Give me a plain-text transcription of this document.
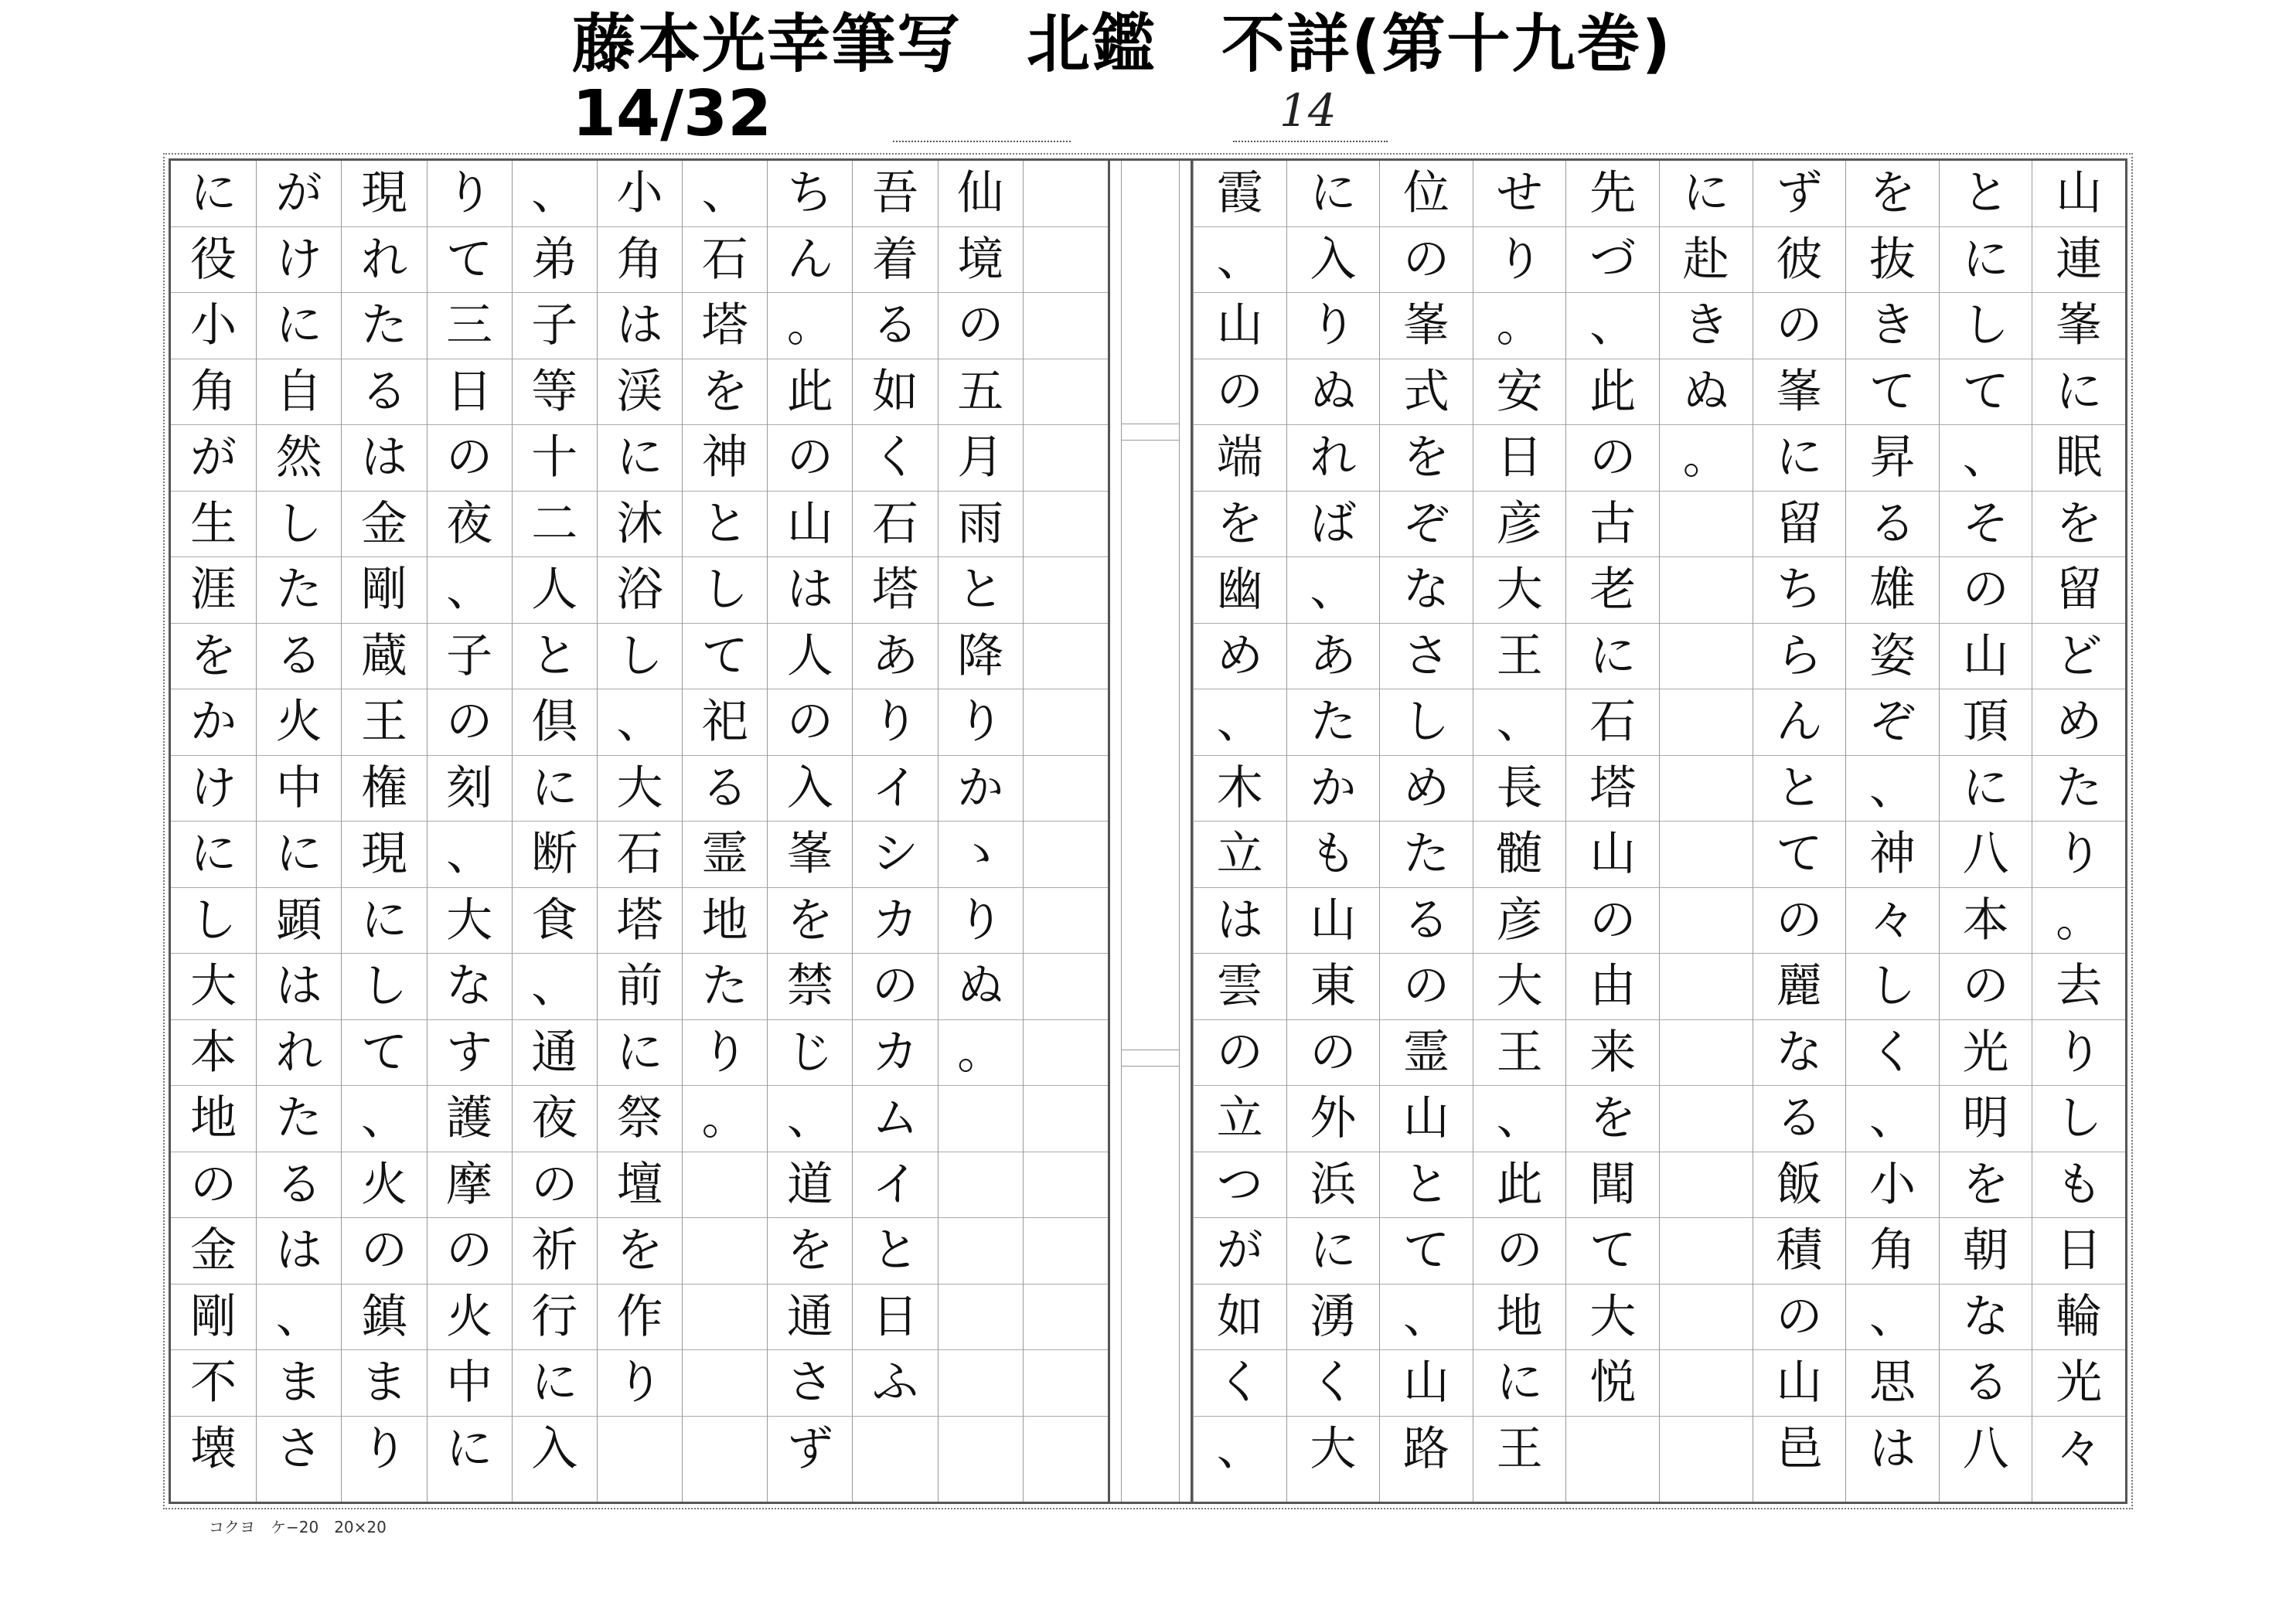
藤本光幸筆写　北鑑　不詳(第十九巻)
14/32	14
山
連
峯
に
眠
を
留
ど
め
た
り
。
去
り
し
も
日
輪
光
々
と
に
し
て
、
そ
の
山
頂
に
八
本
の
光
明
を
朝
な
る
八
を
抜
き
て
昇
る
雄
姿
ぞ
、
神
々
し
く
、
小
角
、
思
は
ず
彼
の
峯
に
留
ち
ら
ん
と
て
の
麗
な
る
飯
積
の
山
邑
に
赴
き
ぬ
。
先
づ
、
此
の
古
老
に
石
塔
山
の
由
来
を
聞
て
大
悦
せ
り
。
安
日
彦
大
王
、
長
髄
彦
大
王
、
此
の
地
に
王
位
の
峯
式
を
ぞ
な
さ
し
め
た
る
の
霊
山
と
て
、
山
路
に
入
り
ぬ
れ
ば
、
あ
た
か
も
山
東
の
外
浜
に
湧
く
大
霞
、
山
の
端
を
幽
め
、
木
立
は
雲
の
立
つ
が
如
く
、
仙
境
の
五
月
雨
と
降
り
か
ゝ
り
ぬ
。
吾
着
る
如
く
石
塔
あ
り
イ
シ
カ
の
カ
ム
イ
と
日
ふ
ち
ん
。
此
の
山
は
人
の
入
峯
を
禁
じ
、
道
を
通
さ
ず
、
石
塔
を
神
と
し
て
祀
る
霊
地
た
り
。
小
角
は
渓
に
沐
浴
し
、
大
石
塔
前
に
祭
壇
を
作
り
、
弟
子
等
十
二
人
と
倶
に
断
食
、
通
夜
の
祈
行
に
入
り
て
三
日
の
夜
、
子
の
刻
、
大
な
す
護
摩
の
火
中
に
現
れ
た
る
は
金
剛
蔵
王
権
現
に
し
て
、
火
の
鎮
ま
り
が
け
に
自
然
し
た
る
火
中
に
顕
は
れ
た
る
は
、
ま
さ
に
役
小
角
が
生
涯
を
か
け
に
し
大
本
地
の
金
剛
不
壊
コクヨ　ケ−20　20×20
